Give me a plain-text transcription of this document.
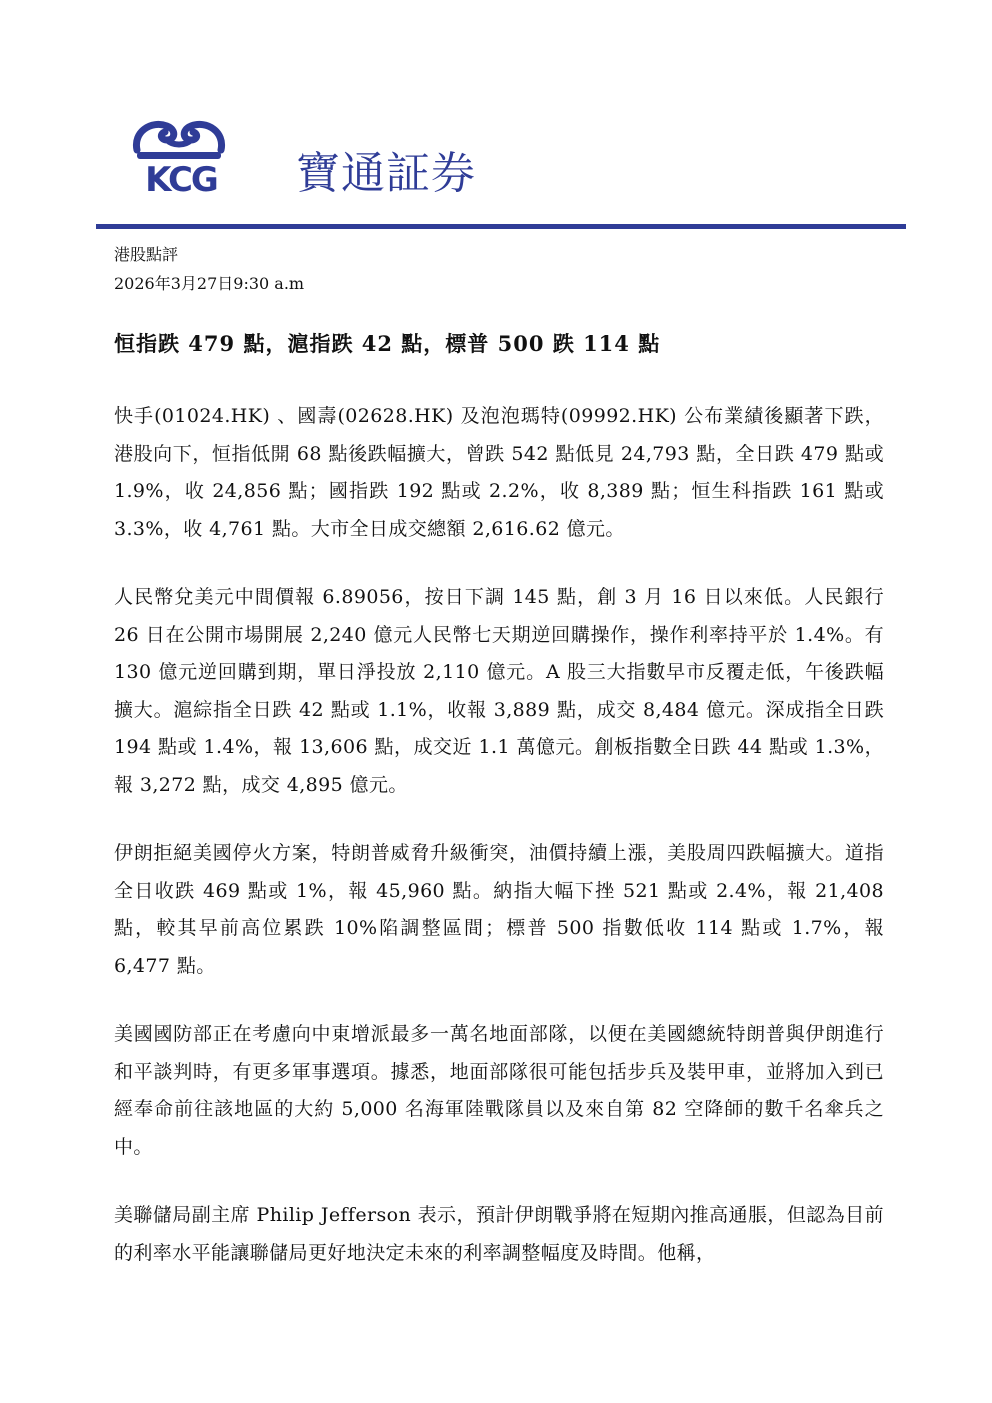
KCG 寶通証券
港股點評
2026年3月27日9:30 a.m
恒指跌 479 點，滬指跌 42 點，標普 500 跌 114 點

快手(01024.HK) 、國壽(02628.HK) 及泡泡瑪特(09992.HK) 公布業績後顯著下跌，港股向下，恒指低開 68 點後跌幅擴大，曾跌 542 點低見 24,793 點，全日跌 479 點或 1.9%，收 24,856 點；國指跌 192 點或 2.2%，收 8,389 點；恒生科指跌 161 點或 3.3%，收 4,761 點。大市全日成交總額 2,616.62 億元。

人民幣兌美元中間價報 6.89056，按日下調 145 點，創 3 月 16 日以來低。人民銀行 26 日在公開市場開展 2,240 億元人民幣七天期逆回購操作，操作利率持平於 1.4%。有 130 億元逆回購到期，單日淨投放 2,110 億元。A 股三大指數早市反覆走低，午後跌幅擴大。滬綜指全日跌 42 點或 1.1%，收報 3,889 點，成交 8,484 億元。深成指全日跌 194 點或 1.4%，報 13,606 點，成交近 1.1 萬億元。創板指數全日跌 44 點或 1.3%，報 3,272 點，成交 4,895 億元。

伊朗拒絕美國停火方案，特朗普威脅升級衝突，油價持續上漲，美股周四跌幅擴大。道指全日收跌 469 點或 1%，報 45,960 點。納指大幅下挫 521 點或 2.4%，報 21,408 點，較其早前高位累跌 10%陷調整區間；標普 500 指數低收 114 點或 1.7%，報 6,477 點。

美國國防部正在考慮向中東增派最多一萬名地面部隊，以便在美國總統特朗普與伊朗進行和平談判時，有更多軍事選項。據悉，地面部隊很可能包括步兵及裝甲車，並將加入到已經奉命前往該地區的大約 5,000 名海軍陸戰隊員以及來自第 82 空降師的數千名傘兵之中。

美聯儲局副主席 Philip Jefferson 表示，預計伊朗戰爭將在短期內推高通脹，但認為目前的利率水平能讓聯儲局更好地決定未來的利率調整幅度及時間。他稱，
